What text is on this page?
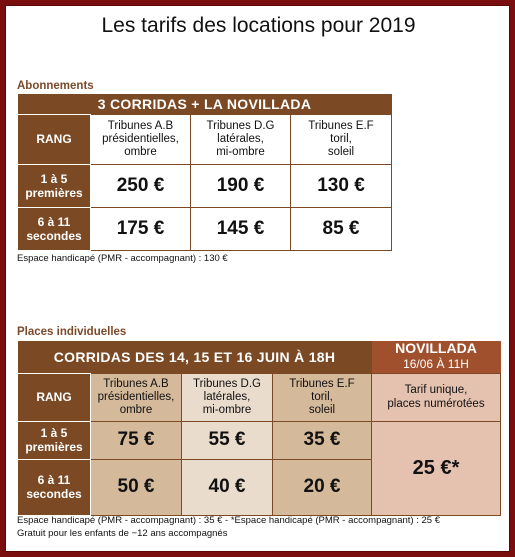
Les tarifs des locations pour 2019
Abonnements
3 CORRIDAS + LA NOVILLADA			
RANG	Tribunes A.B
présidentielles,
ombre	Tribunes D.G
latérales,
mi-ombre	Tribunes E.F
toril,
soleil
1 à 5
premières	250 €	190 €	130 €
6 à 11
secondes	175 €	145 €	85 €
Espace handicapé (PMR - accompagnant) : 130 €
Places individuelles
CORRIDAS DES 14, 15 ET 16 JUIN À 18H				NOVILLADA
16/06 À 11H
RANG	Tribunes A.B
présidentielles,
ombre	Tribunes D.G
latérales,
mi-ombre	Tribunes E.F
toril,
soleil	Tarif unique,
places numérotées
1 à 5
premières	75 €	55 €	35 €	25 €*
6 à 11
secondes	50 €	40 €	20 €	
Espace handicapé (PMR - accompagnant) : 35 € - *Espace handicapé (PMR - accompagnant) : 25 €
Gratuit pour les enfants de −12 ans accompagnés
